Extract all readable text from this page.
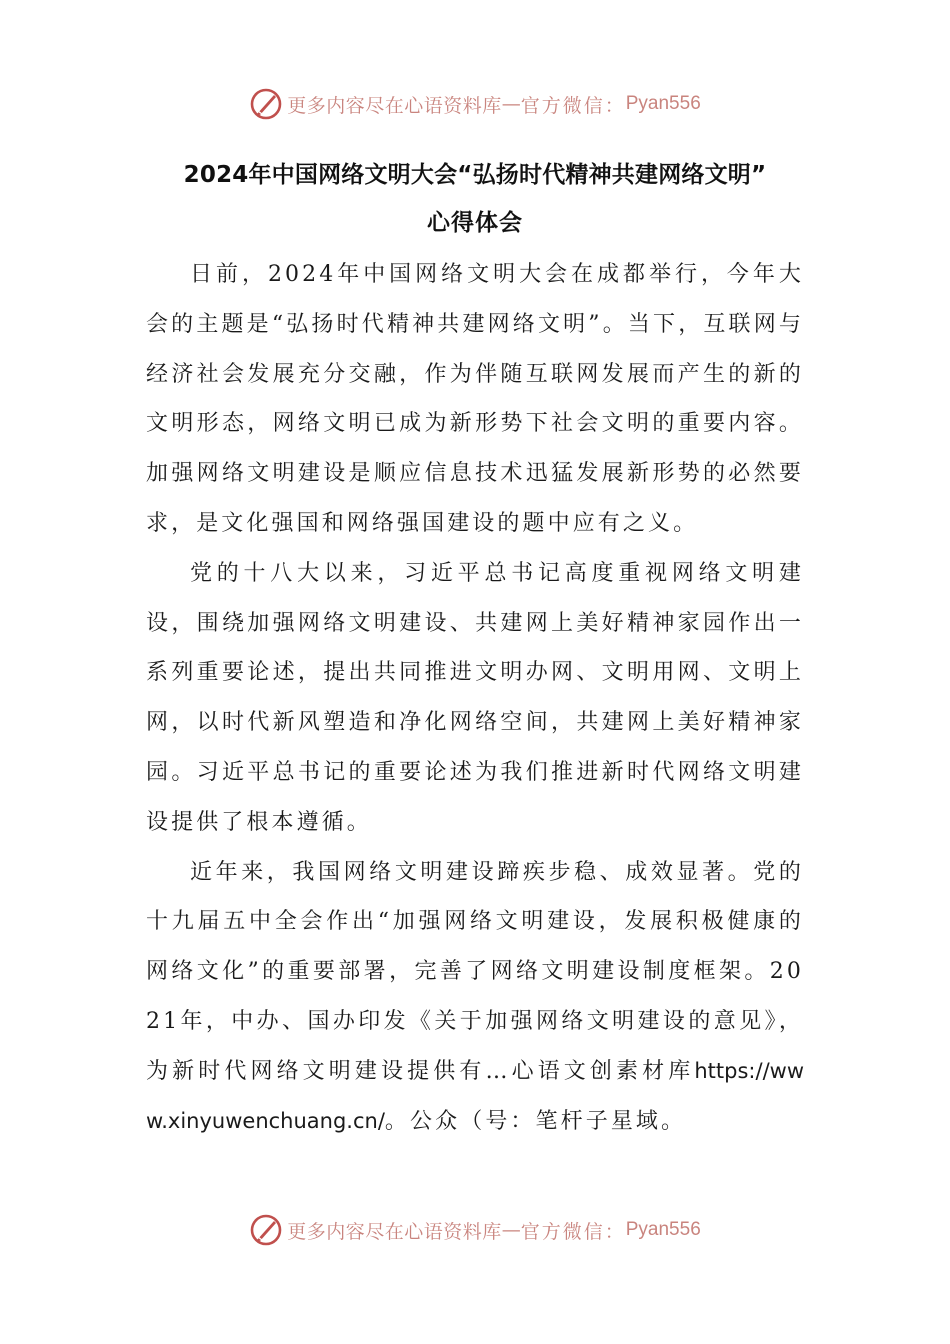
更多内容尽在心语资料库 — 官方微信： Pyan556
2024年中国网络文明大会“弘扬时代精神共建网络文明”
心得体会

日前，2024年中国网络文明大会在成都举行，今年大会的主题是“弘扬时代精神共建网络文明”。当下，互联网与经济社会发展充分交融，作为伴随互联网发展而产生的新的文明形态，网络文明已成为新形势下社会文明的重要内容。加强网络文明建设是顺应信息技术迅猛发展新形势的必然要求，是文化强国和网络强国建设的题中应有之义。

党的十八大以来，习近平总书记高度重视网络文明建设，围绕加强网络文明建设、共建网上美好精神家园作出一系列重要论述，提出共同推进文明办网、文明用网、文明上网，以时代新风塑造和净化网络空间，共建网上美好精神家园。习近平总书记的重要论述为我们推进新时代网络文明建设提供了根本遵循。

近年来，我国网络文明建设蹄疾步稳、成效显著。党的十九届五中全会作出“加强网络文明建设，发展积极健康的网络文化”的重要部署，完善了网络文明建设制度框架。2021年，中办、国办印发《关于加强网络文明建设的意见》，为新时代网络文明建设提供有…心语文创素材库https://www.xinyuwenchuang.cn/。公众（号：笔杆子星域。

更多内容尽在心语资料库 — 官方微信： Pyan556
